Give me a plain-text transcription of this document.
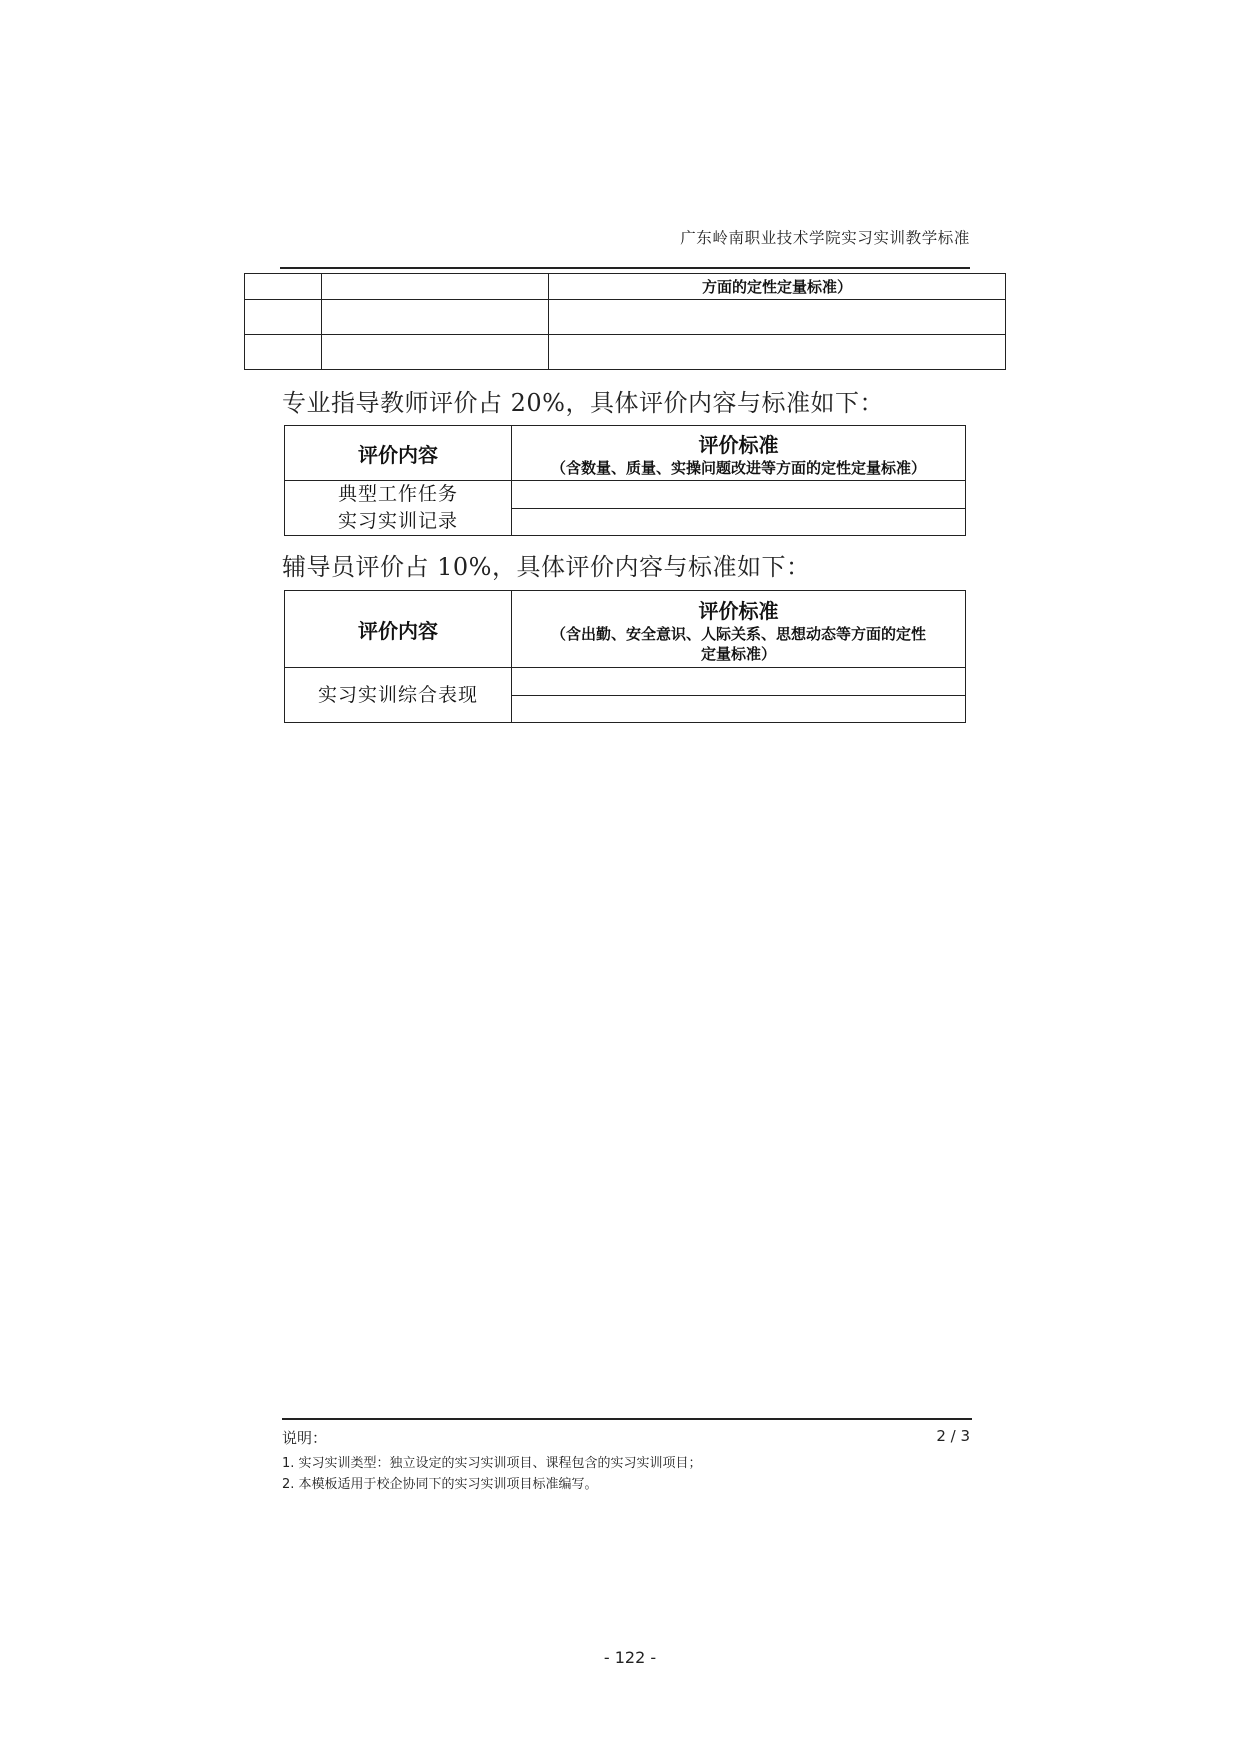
广东岭南职业技术学院实习实训教学标准
		方面的定性定量标准）

专业指导教师评价占 20%，具体评价内容与标准如下：
评价内容	评价标准
（含数量、质量、实操问题改进等方面的定性定量标准）

典型工作任务
实习实训记录	

辅导员评价占 10%，具体评价内容与标准如下：
评价内容	评价标准
（含出勤、安全意识、人际关系、思想动态等方面的定性
定量标准）

实习实训综合表现	

说明：	2 / 3
1. 实习实训类型：独立设定的实习实训项目、课程包含的实习实训项目；
2. 本模板适用于校企协同下的实习实训项目标准编写。
- 122 -
